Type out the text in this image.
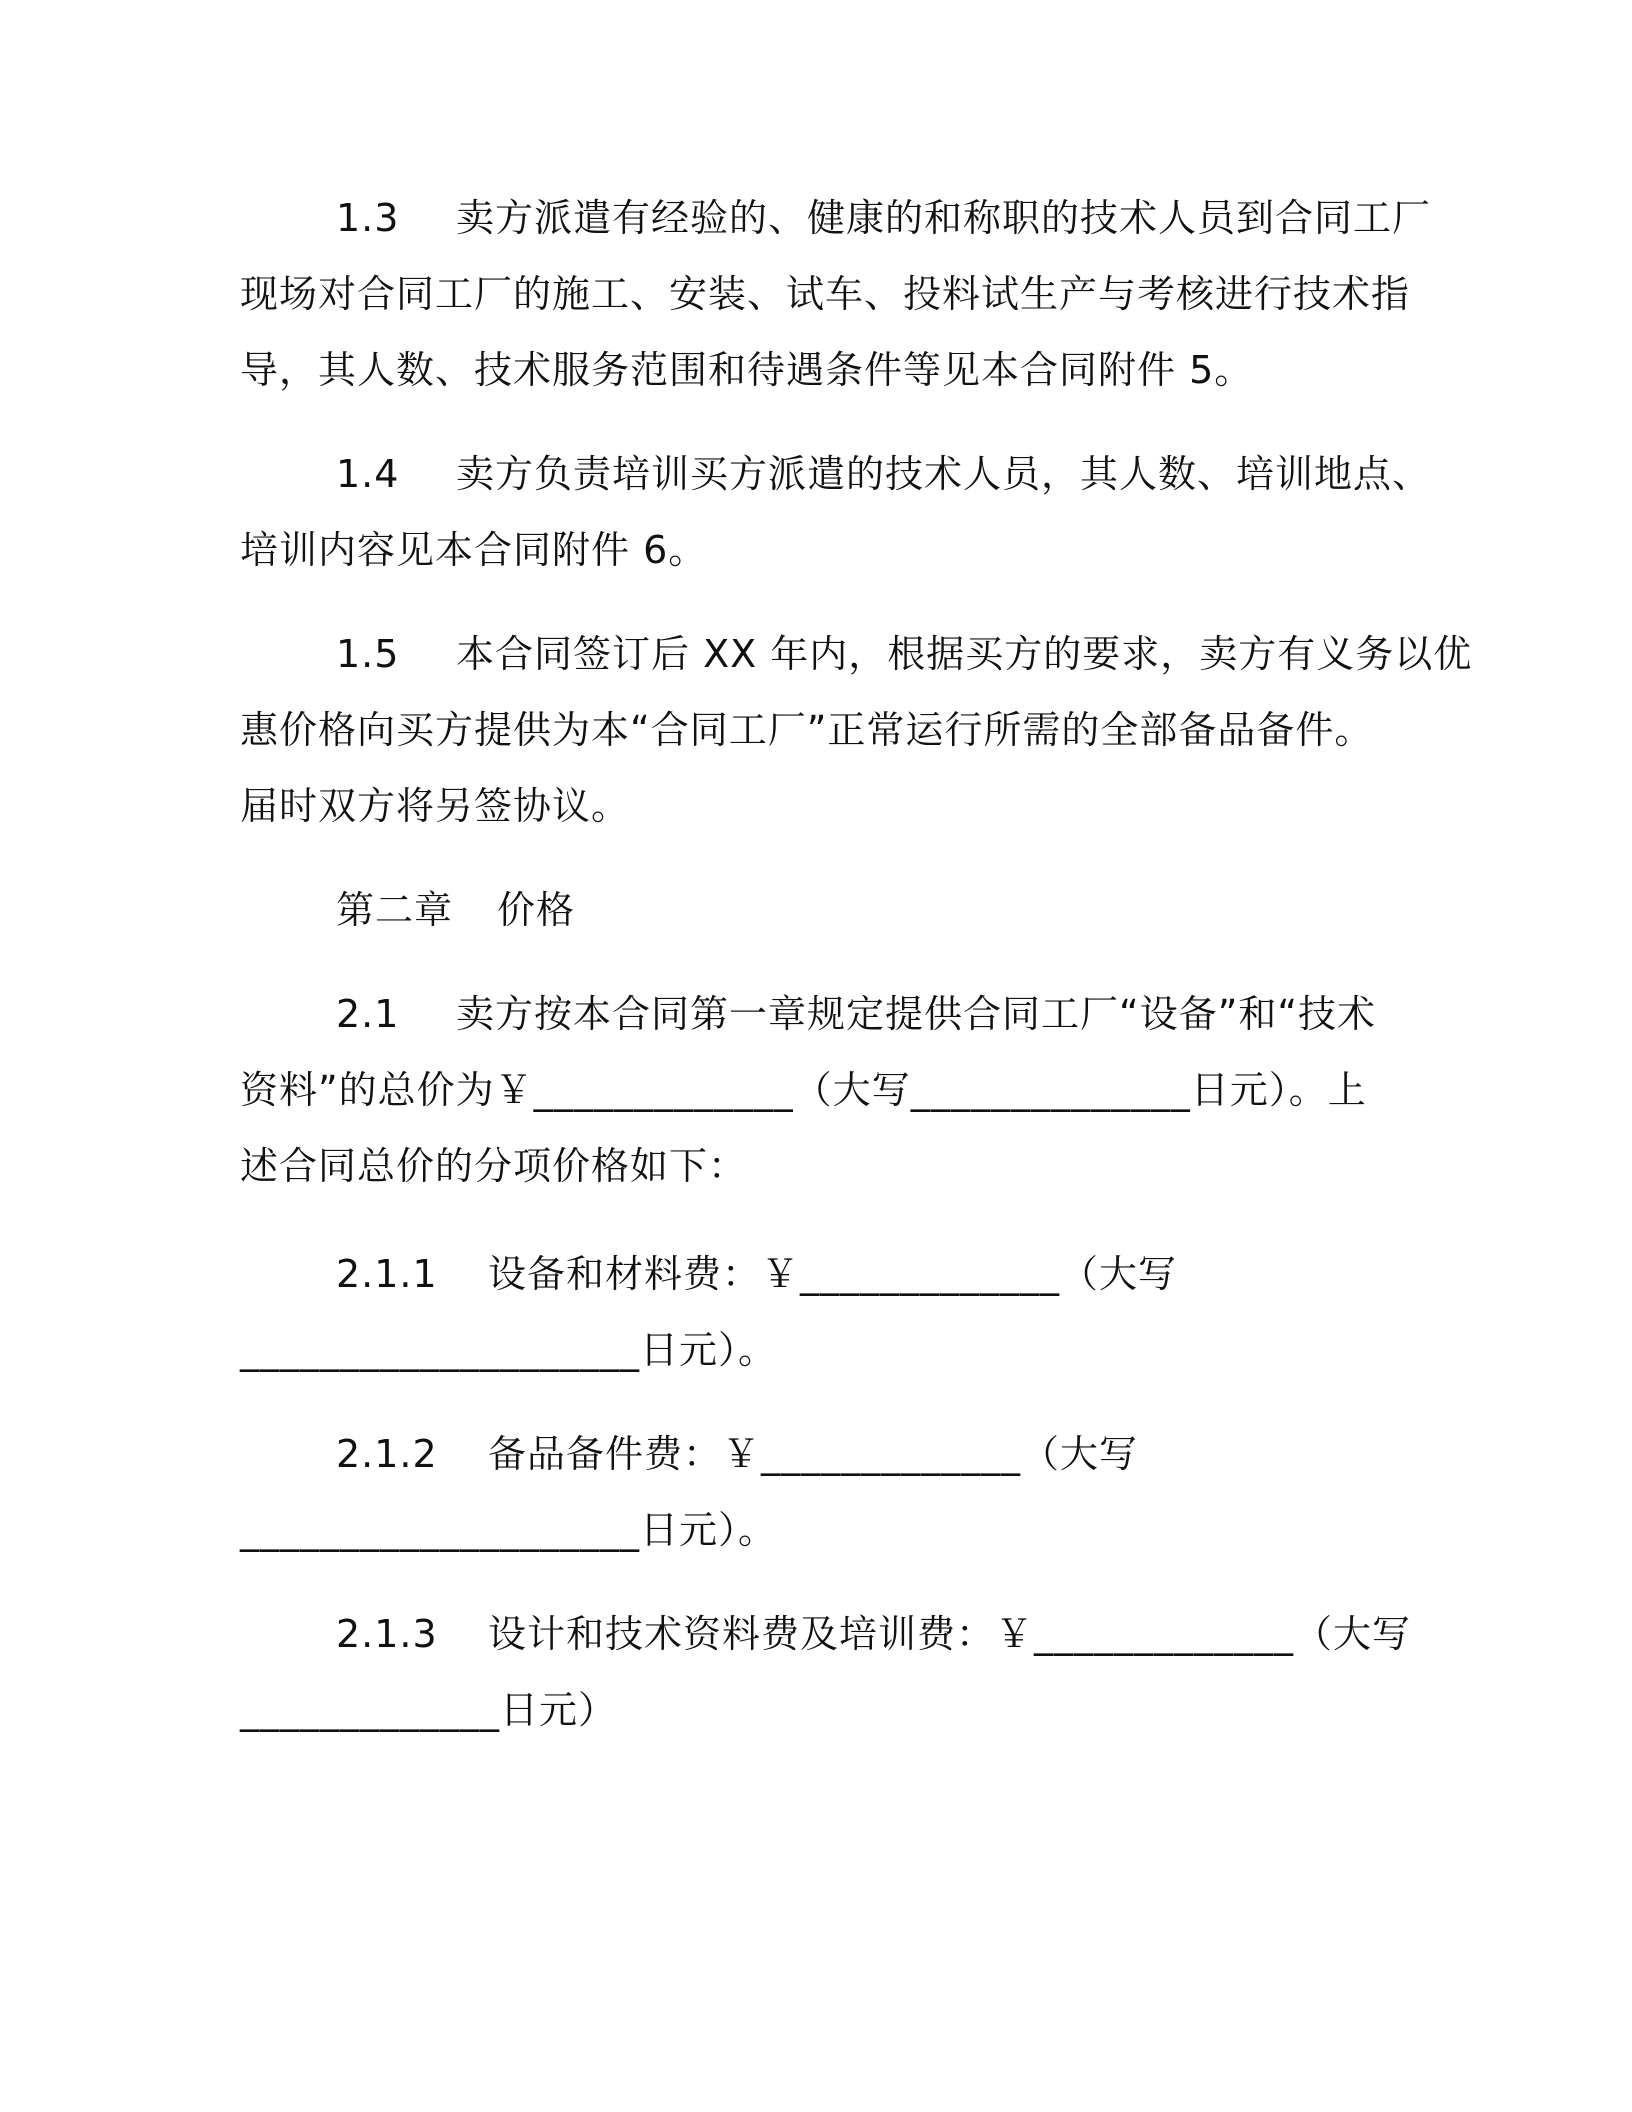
1.3 卖方派遣有经验的、健康的和称职的技术人员到合同工厂
现场对合同工厂的施工、安装、试车、投料试生产与考核进行技术指
导，其人数、技术服务范围和待遇条件等见本合同附件 5。
1.4 卖方负责培训买方派遣的技术人员，其人数、培训地点、
培训内容见本合同附件 6。
1.5 本合同签订后 XX 年内，根据买方的要求，卖方有义务以优
惠价格向买方提供为本“合同工厂”正常运行所需的全部备品备件。
届时双方将另签协议。
第二章 价格
2.1 卖方按本合同第一章规定提供合同工厂“设备”和“技术
资料”的总价为￥_____________（大写______________日元）。上
述合同总价的分项价格如下：
2.1.1 设备和材料费：￥_____________（大写
____________________日元）。
2.1.2 备品备件费：￥_____________（大写
____________________日元）。
2.1.3 设计和技术资料费及培训费：￥_____________（大写
_____________日元）
